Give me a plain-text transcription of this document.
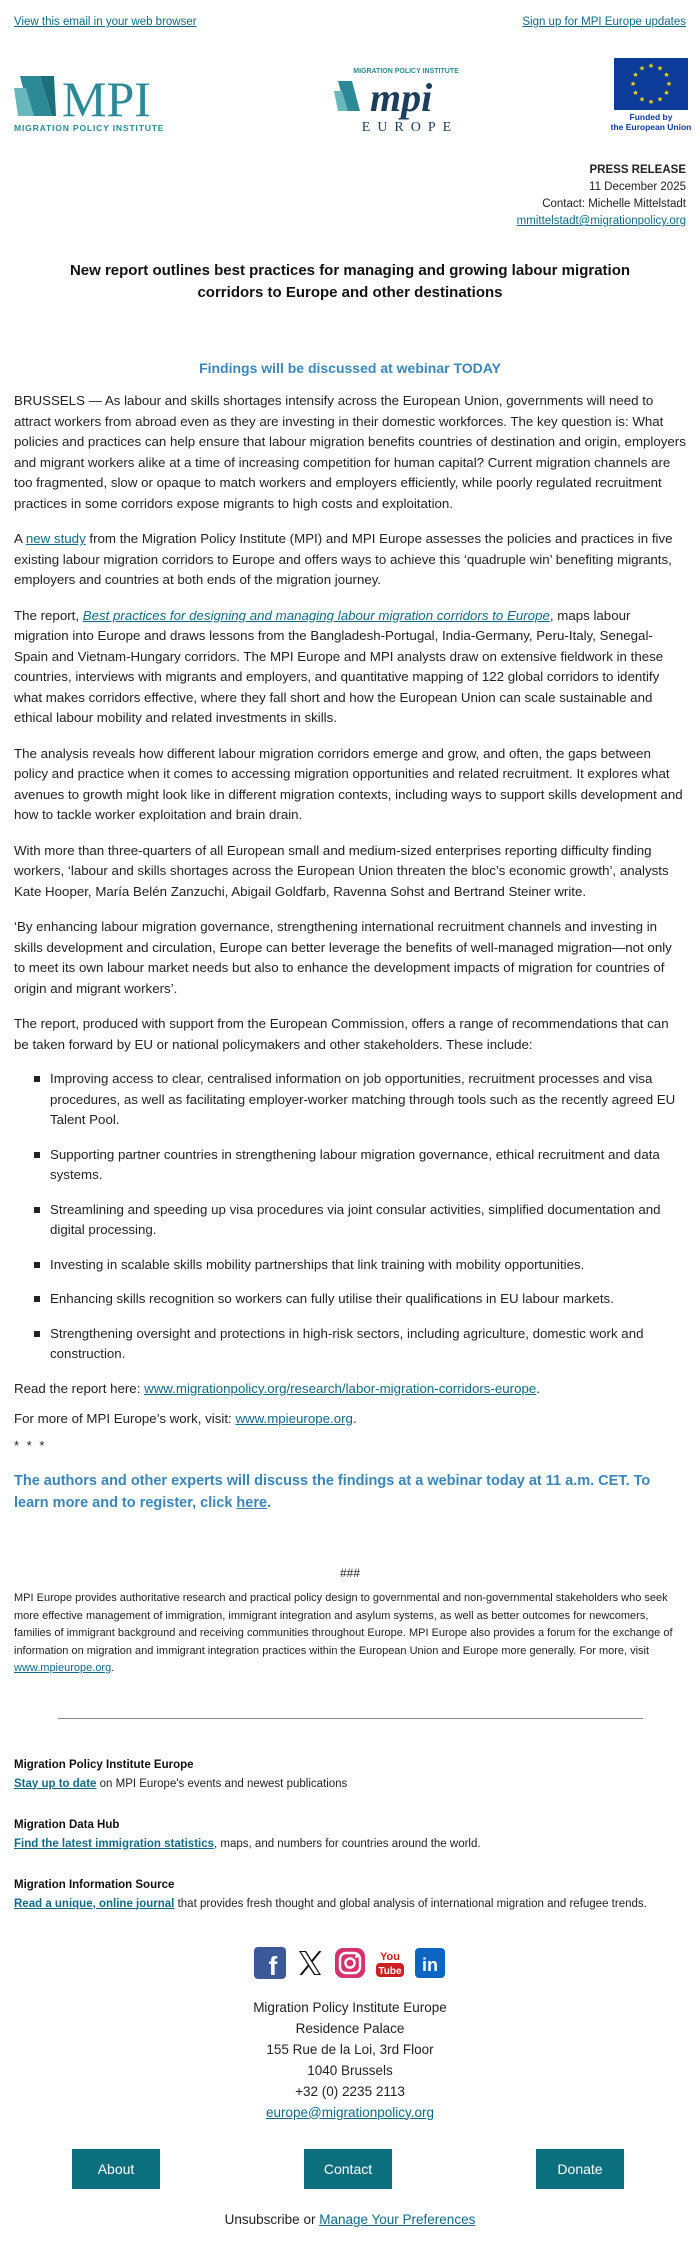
View this email in your web browser	Sign up for MPI Europe updates
MPI
MIGRATION POLICY INSTITUTE
MIGRATION POLICY INSTITUTE
mpi
EUROPE
★ ★
★
★
★
★
★
★
★
★
★
★
Funded by
the European Union
PRESS RELEASE
11 December 2025
Contact: Michelle Mittelstadt
mmittelstadt@migrationpolicy.org
New report outlines best practices for managing and growing labour migration corridors to Europe and other destinations
Findings will be discussed at webinar TODAY

BRUSSELS — As labour and skills shortages intensify across the European Union, governments will need to attract workers from abroad even as they are investing in their domestic workforces. The key question is: What policies and practices can help ensure that labour migration benefits countries of destination and origin, employers and migrant workers alike at a time of increasing competition for human capital? Current migration channels are too fragmented, slow or opaque to match workers and employers efficiently, while poorly regulated recruitment practices in some corridors expose migrants to high costs and exploitation.

A new study from the Migration Policy Institute (MPI) and MPI Europe assesses the policies and practices in five existing labour migration corridors to Europe and offers ways to achieve this ‘quadruple win’ benefiting migrants, employers and countries at both ends of the migration journey.

The report, Best practices for designing and managing labour migration corridors to Europe, maps labour migration into Europe and draws lessons from the Bangladesh-Portugal, India-Germany, Peru-Italy, Senegal-Spain and Vietnam-Hungary corridors. The MPI Europe and MPI analysts draw on extensive fieldwork in these countries, interviews with migrants and employers, and quantitative mapping of 122 global corridors to identify what makes corridors effective, where they fall short and how the European Union can scale sustainable and ethical labour mobility and related investments in skills.

The analysis reveals how different labour migration corridors emerge and grow, and often, the gaps between policy and practice when it comes to accessing migration opportunities and related recruitment. It explores what avenues to growth might look like in different migration contexts, including ways to support skills development and how to tackle worker exploitation and brain drain.

With more than three-quarters of all European small and medium-sized enterprises reporting difficulty finding workers, ‘labour and skills shortages across the European Union threaten the bloc’s economic growth’, analysts Kate Hooper, María Belén Zanzuchi, Abigail Goldfarb, Ravenna Sohst and Bertrand Steiner write.

‘By enhancing labour migration governance, strengthening international recruitment channels and investing in skills development and circulation, Europe can better leverage the benefits of well-managed migration—not only to meet its own labour market needs but also to enhance the development impacts of migration for countries of origin and migrant workers’.

The report, produced with support from the European Commission, offers a range of recommendations that can be taken forward by EU or national policymakers and other stakeholders. These include:

Improving access to clear, centralised information on job opportunities, recruitment processes and visa procedures, as well as facilitating employer-worker matching through tools such as the recently agreed EU Talent Pool.
Supporting partner countries in strengthening labour migration governance, ethical recruitment and data systems.
Streamlining and speeding up visa procedures via joint consular activities, simplified documentation and digital processing.
Investing in scalable skills mobility partnerships that link training with mobility opportunities.
Enhancing skills recognition so workers can fully utilise their qualifications in EU labour markets.
Strengthening oversight and protections in high-risk sectors, including agriculture, domestic work and construction.

Read the report here: www.migrationpolicy.org/research/labor-migration-corridors-europe.

For more of MPI Europe’s work, visit: www.mpieurope.org.

* * *
The authors and other experts will discuss the findings at a webinar today at 11 a.m. CET. To learn more and to register, click here.
###
MPI Europe provides authoritative research and practical policy design to governmental and non-governmental stakeholders who seek more effective management of immigration, immigrant integration and asylum systems, as well as better outcomes for newcomers, families of immigrant background and receiving communities throughout Europe. MPI Europe also provides a forum for the exchange of information on migration and immigrant integration practices within the European Union and Europe more generally. For more, visit www.mpieurope.org.
Migration Policy Institute Europe
Stay up to date on MPI Europe's events and newest publications
Migration Data Hub
Find the latest immigration statistics, maps, and numbers for countries around the world.
Migration Information Source
Read a unique, online journal that provides fresh thought and global analysis of international migration and refugee trends.
f	You
Tube in
Migration Policy Institute Europe
Residence Palace
155 Rue de la Loi, 3rd Floor
1040 Brussels
+32 (0) 2235 2113
europe@migrationpolicy.org
About	Contact	Donate
Unsubscribe or Manage Your Preferences
